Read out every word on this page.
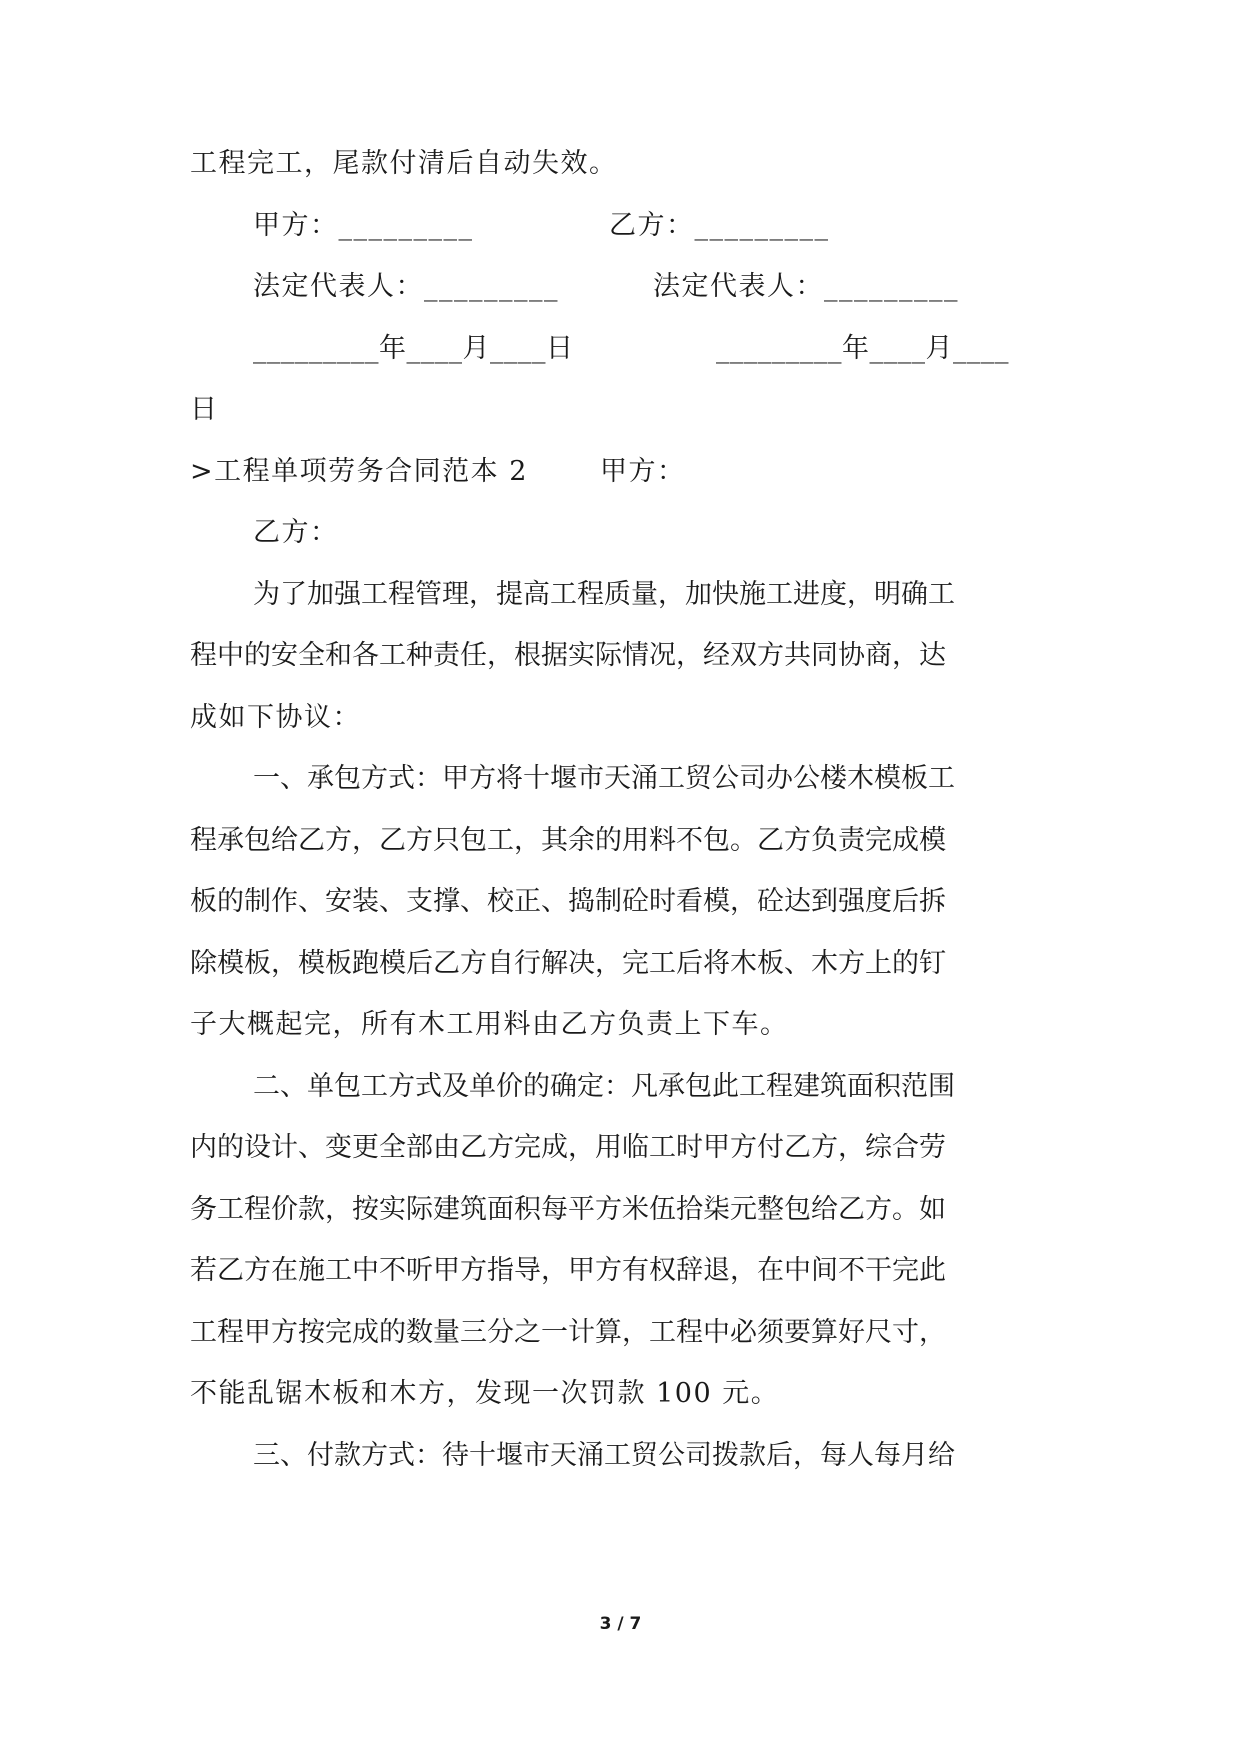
工程完工，尾款付清后自动失效。
甲方：_________	乙方：_________
法定代表人：_________	法定代表人：_________
_________年____月____日	_________年____月____
日
>工程单项劳务合同范本 2	甲方：
乙方：
为了加强工程管理，提高工程质量，加快施工进度，明确工
程中的安全和各工种责任，根据实际情况，经双方共同协商，达
成如下协议：
一、承包方式：甲方将十堰市天涌工贸公司办公楼木模板工
程承包给乙方，乙方只包工，其余的用料不包。乙方负责完成模
板的制作、安装、支撑、校正、捣制砼时看模，砼达到强度后拆
除模板，模板跑模后乙方自行解决，完工后将木板、木方上的钉
子大概起完，所有木工用料由乙方负责上下车。
二、单包工方式及单价的确定：凡承包此工程建筑面积范围
内的设计、变更全部由乙方完成，用临工时甲方付乙方，综合劳
务工程价款，按实际建筑面积每平方米伍拾柒元整包给乙方。如
若乙方在施工中不听甲方指导，甲方有权辞退，在中间不干完此
工程甲方按完成的数量三分之一计算，工程中必须要算好尺寸，
不能乱锯木板和木方，发现一次罚款 100 元。
三、付款方式：待十堰市天涌工贸公司拨款后，每人每月给
3 / 7
